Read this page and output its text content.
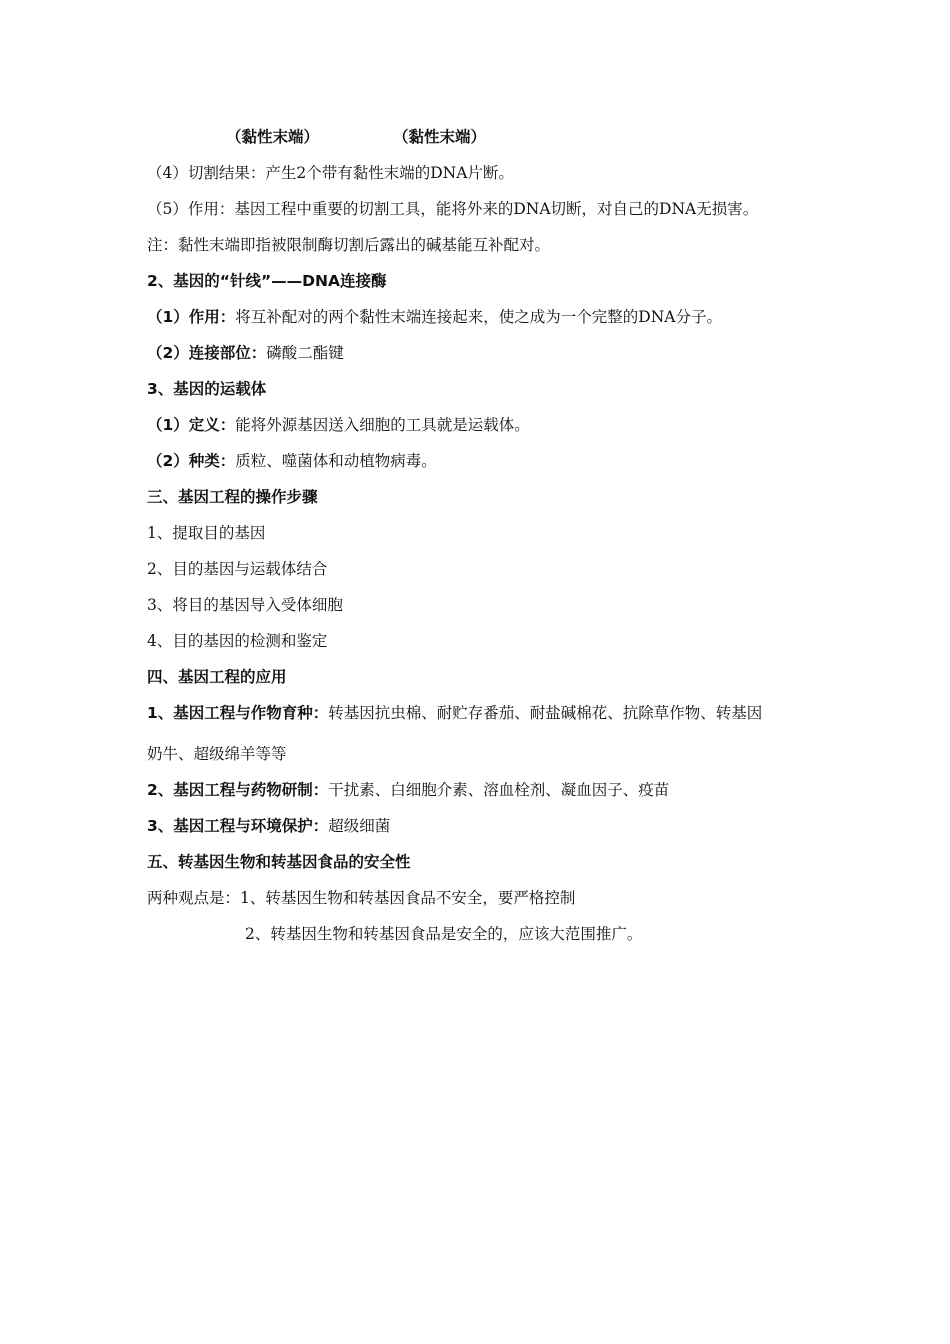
（黏性末端）	（黏性末端）
（4）切割结果：产生2个带有黏性末端的DNA片断。
（5）作用：基因工程中重要的切割工具，能将外来的DNA切断，对自己的DNA无损害。
注：黏性末端即指被限制酶切割后露出的碱基能互补配对。
2、基因的“针线”——DNA连接酶
（1）作用：将互补配对的两个黏性末端连接起来，使之成为一个完整的DNA分子。
（2）连接部位：磷酸二酯键
3、基因的运载体
（1）定义：能将外源基因送入细胞的工具就是运载体。
（2）种类：质粒、噬菌体和动植物病毒。
三、基因工程的操作步骤
1、提取目的基因
2、目的基因与运载体结合
3、将目的基因导入受体细胞
4、目的基因的检测和鉴定
四、基因工程的应用
1、基因工程与作物育种：转基因抗虫棉、耐贮存番茄、耐盐碱棉花、抗除草作物、转基因
奶牛、超级绵羊等等
2、基因工程与药物研制：干扰素、白细胞介素、溶血栓剂、凝血因子、疫苗
3、基因工程与环境保护：超级细菌
五、转基因生物和转基因食品的安全性
两种观点是：1、转基因生物和转基因食品不安全，要严格控制
2、转基因生物和转基因食品是安全的，应该大范围推广。
